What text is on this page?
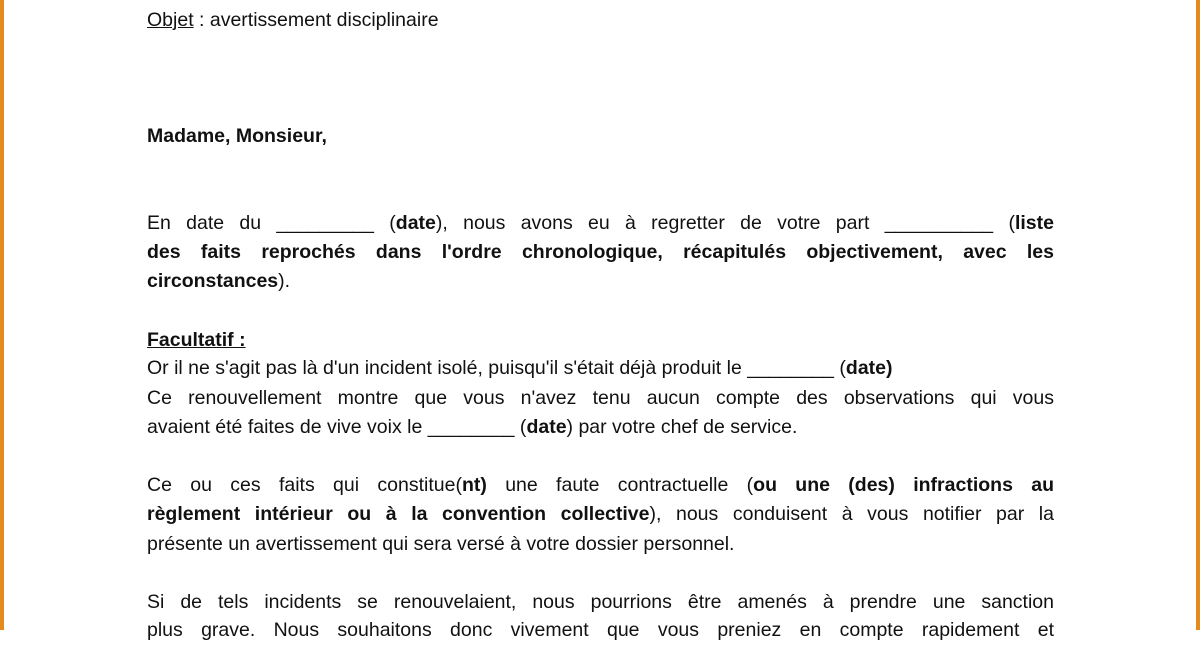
Objet : avertissement disciplinaire
Madame, Monsieur,
En date du _________ (date), nous avons eu à regretter de votre part __________ (liste
des faits reprochés dans l'ordre chronologique, récapitulés objectivement, avec les
circonstances).
Facultatif :
Or il ne s'agit pas là d'un incident isolé, puisqu'il s'était déjà produit le ________ (date)
Ce renouvellement montre que vous n'avez tenu aucun compte des observations qui vous
avaient été faites de vive voix le ________ (date) par votre chef de service.
Ce ou ces faits qui constitue(nt) une faute contractuelle (ou une (des) infractions au
règlement intérieur ou à la convention collective), nous conduisent à vous notifier par la
présente un avertissement qui sera versé à votre dossier personnel.
Si de tels incidents se renouvelaient, nous pourrions être amenés à prendre une sanction
plus grave. Nous souhaitons donc vivement que vous preniez en compte rapidement et
